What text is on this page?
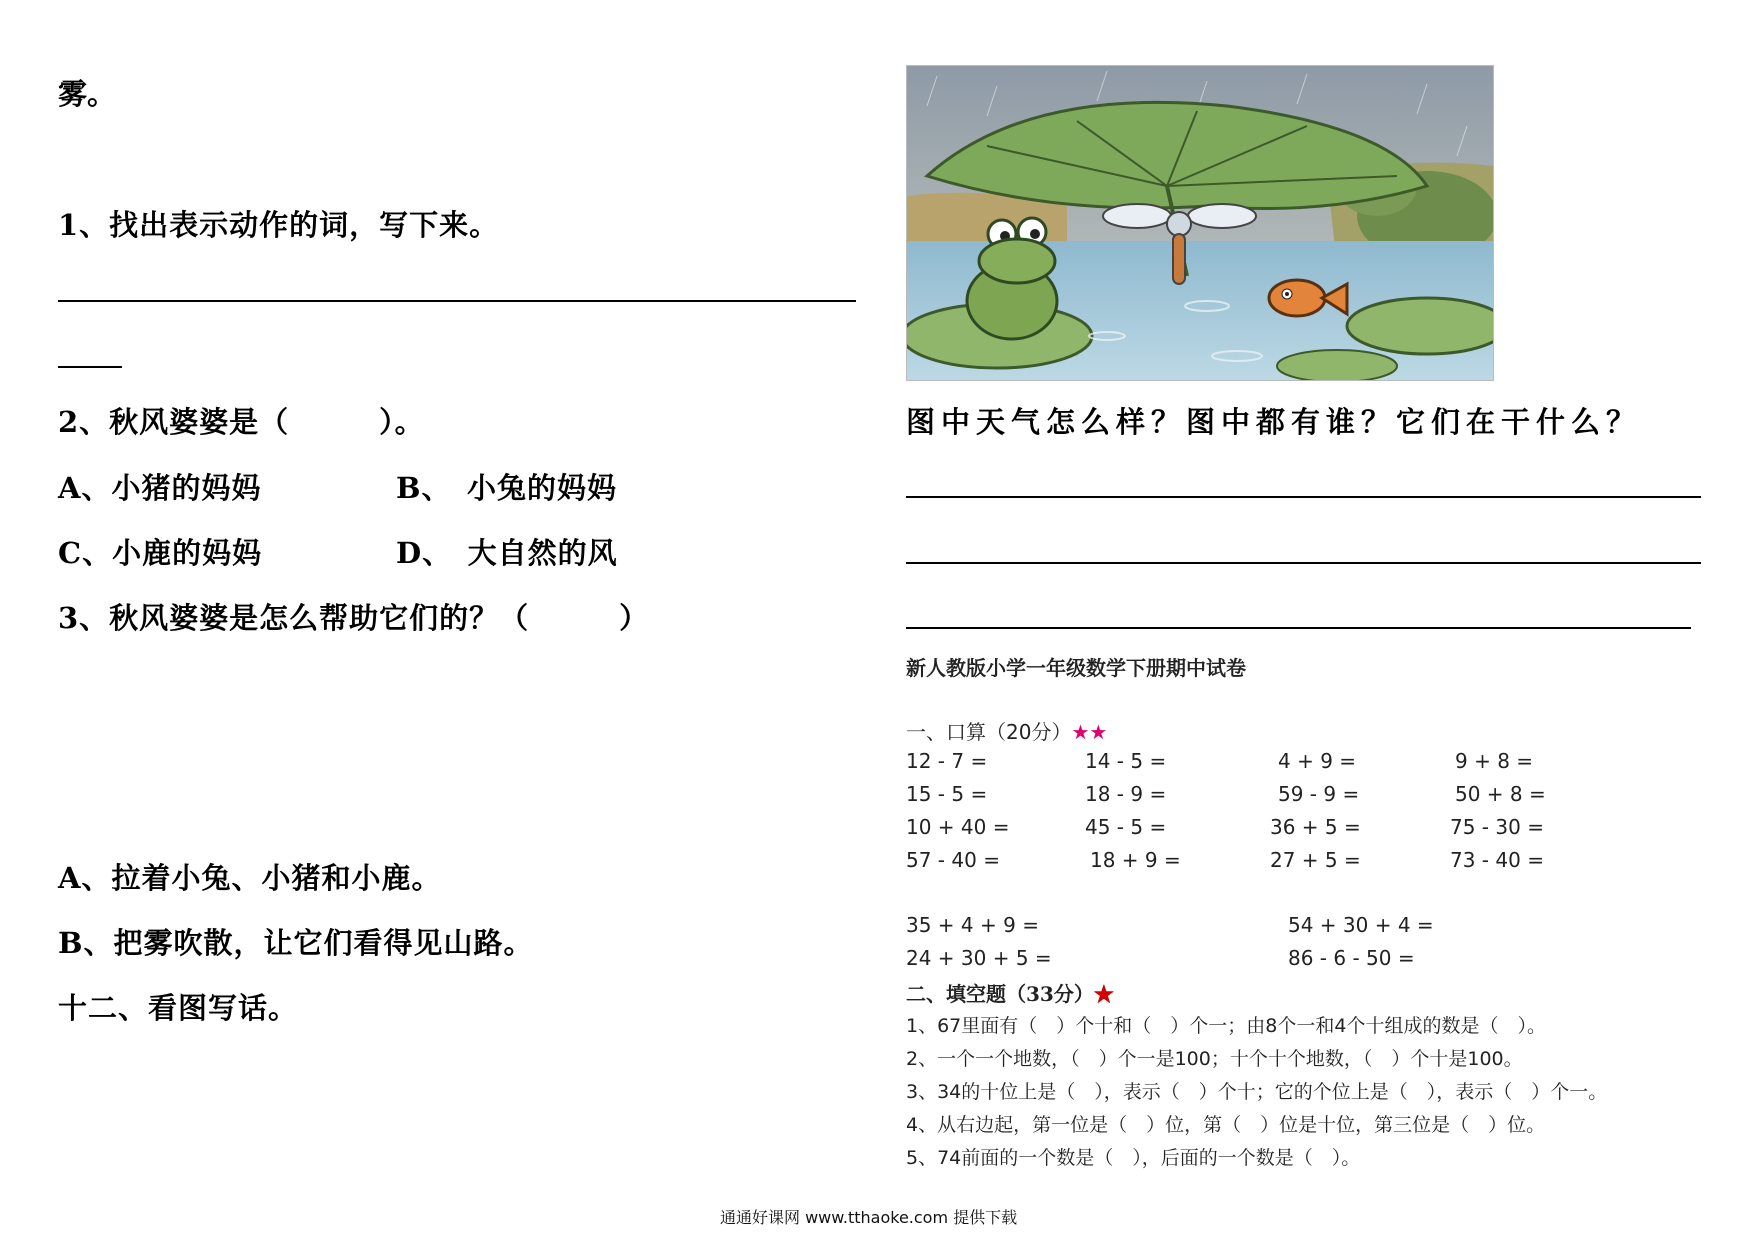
雾。
1、找出表示动作的词，写下来。
2、秋风婆婆是（　　　）。
A、小猪的妈妈	B、　小兔的妈妈
C、小鹿的妈妈	D、　大自然的风
3、秋风婆婆是怎么帮助它们的？（　　　）
A、拉着小兔、小猪和小鹿。
B、把雾吹散，让它们看得见山路。
十二、看图写话。
图中天气怎么样？图中都有谁？它们在干什么？
新人教版小学一年级数学下册期中试卷
一、口算（20分）★★
12 - 7 =	14 - 5 =	4 + 9 =	9 + 8 =
15 - 5 =	18 - 9 =	59 - 9 =	50 + 8 =
10 + 40 =	45 - 5 =	36 + 5 =	75 - 30 =
57 - 40 =	18 + 9 =	27 + 5 =	73 - 40 =
35 + 4 + 9 =	54 + 30 + 4 =
24 + 30 + 5 =	86 - 6 - 50 =
二、填空题（33分）★
1、67里面有（　）个十和（　）个一；由8个一和4个十组成的数是（　）。
2、一个一个地数，（　）个一是100；十个十个地数，（　）个十是100。
3、34的十位上是（　），表示（　）个十；它的个位上是（　），表示（　）个一。
4、从右边起，第一位是（　）位，第（　）位是十位，第三位是（　）位。
5、74前面的一个数是（　），后面的一个数是（　）。
通通好课网 www.tthaoke.com 提供下载
